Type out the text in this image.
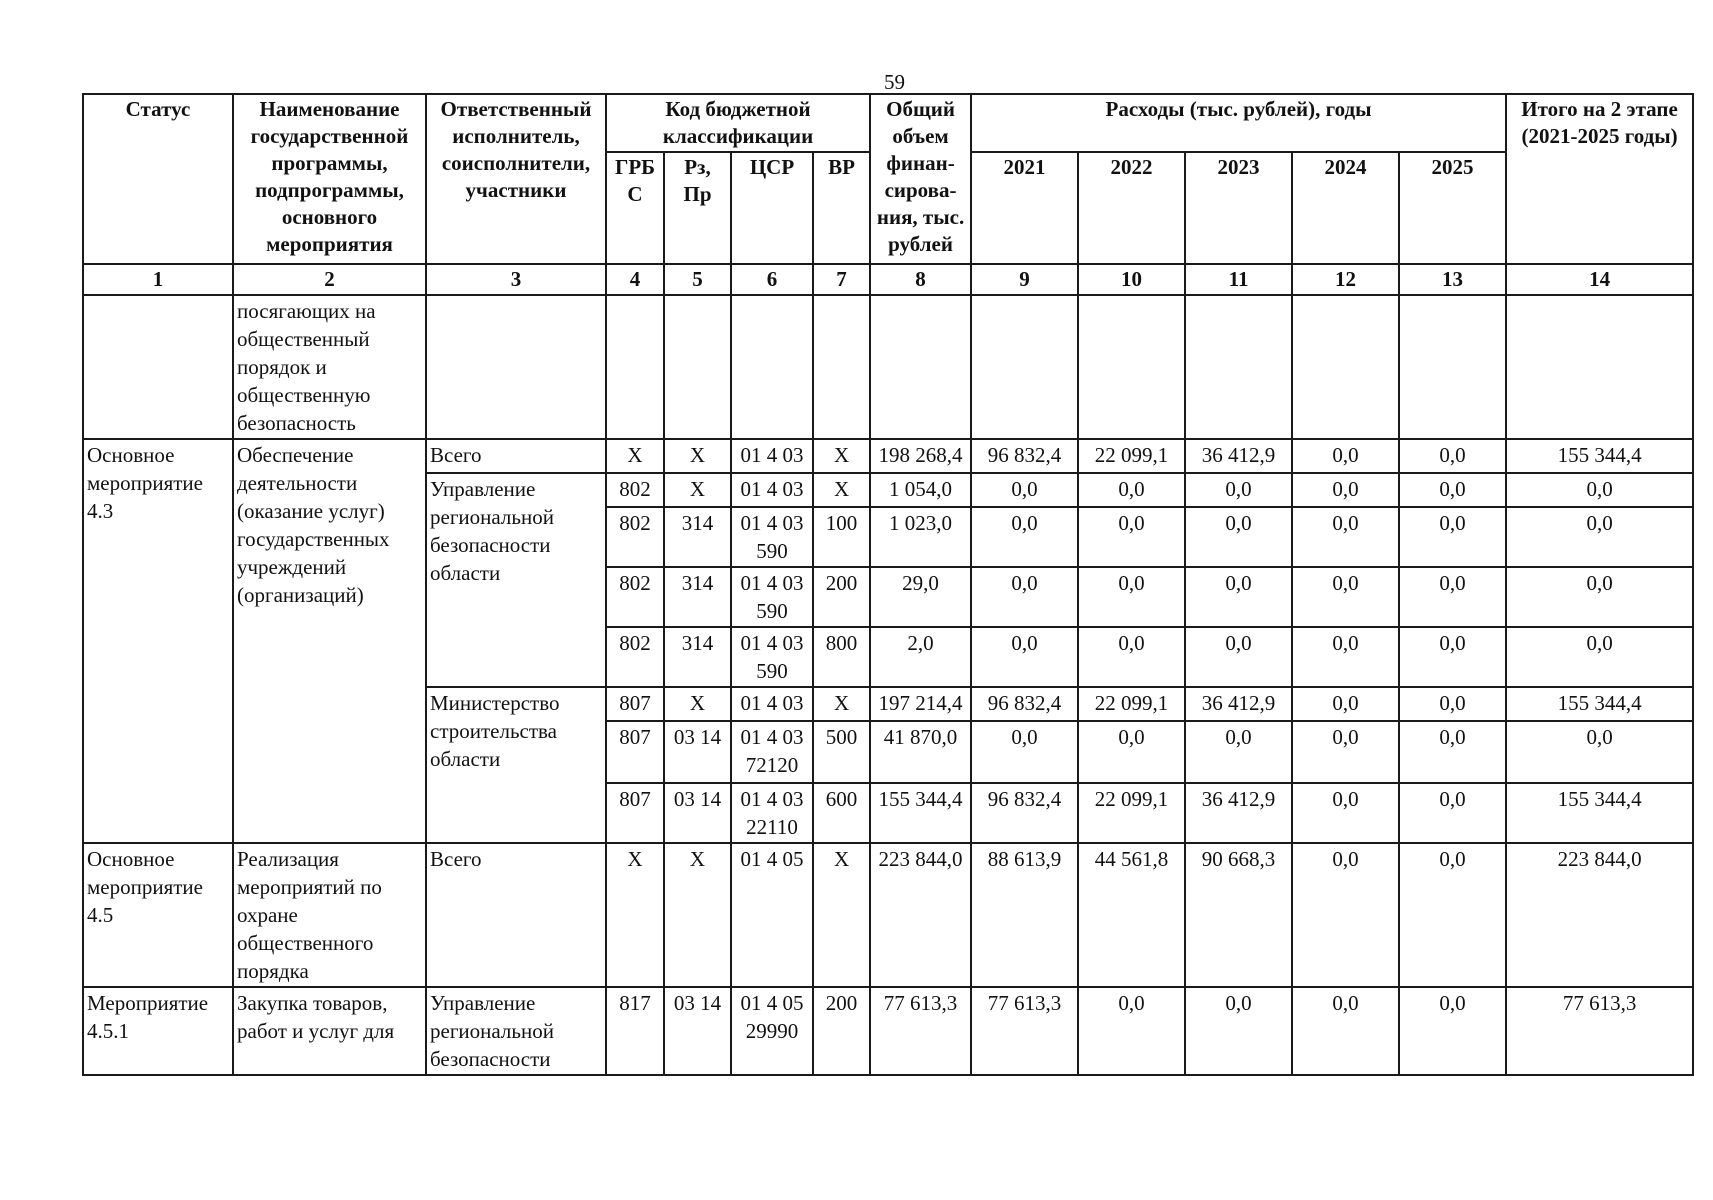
59
Статус	Наименование государственной программы, подпрограммы, основного мероприятия	Ответственный исполнитель, соисполнители, участники	Код бюджетной классификации				Общий объем финан-сирова-ния, тыс. рублей	Расходы (тыс. рублей), годы					Итого на 2 этапе (2021-2025 годы)
			ГРБ С	Рз, Пр	ЦСР	ВР		2021	2022	2023	2024	2025	
1	2	3	4	5	6	7	8	9	10	11	12	13	14
	посягающих на общественный порядок и общественную безопасность												
Основное мероприятие 4.3	Обеспечение деятельности (оказание услуг) государственных учреждений (организаций)	Всего	Х	Х	01 4 03	Х	198 268,4	96 832,4	22 099,1	36 412,9	0,0	0,0	155 344,4
		Управление региональной безопасности области	802	Х	01 4 03	Х	1 054,0	0,0	0,0	0,0	0,0	0,0	0,0
			802	314	01 4 03 590	100	1 023,0	0,0	0,0	0,0	0,0	0,0	0,0
			802	314	01 4 03 590	200	29,0	0,0	0,0	0,0	0,0	0,0	0,0
			802	314	01 4 03 590	800	2,0	0,0	0,0	0,0	0,0	0,0	0,0
		Министерство строительства области	807	Х	01 4 03	Х	197 214,4	96 832,4	22 099,1	36 412,9	0,0	0,0	155 344,4
			807	03 14	01 4 03 72120	500	41 870,0	0,0	0,0	0,0	0,0	0,0	0,0
			807	03 14	01 4 03 22110	600	155 344,4	96 832,4	22 099,1	36 412,9	0,0	0,0	155 344,4
Основное мероприятие 4.5	Реализация мероприятий по охране общественного порядка	Всего	Х	Х	01 4 05	Х	223 844,0	88 613,9	44 561,8	90 668,3	0,0	0,0	223 844,0
Мероприятие 4.5.1	Закупка товаров, работ и услуг для	Управление региональной безопасности	817	03 14	01 4 05 29990	200	77 613,3	77 613,3	0,0	0,0	0,0	0,0	77 613,3
